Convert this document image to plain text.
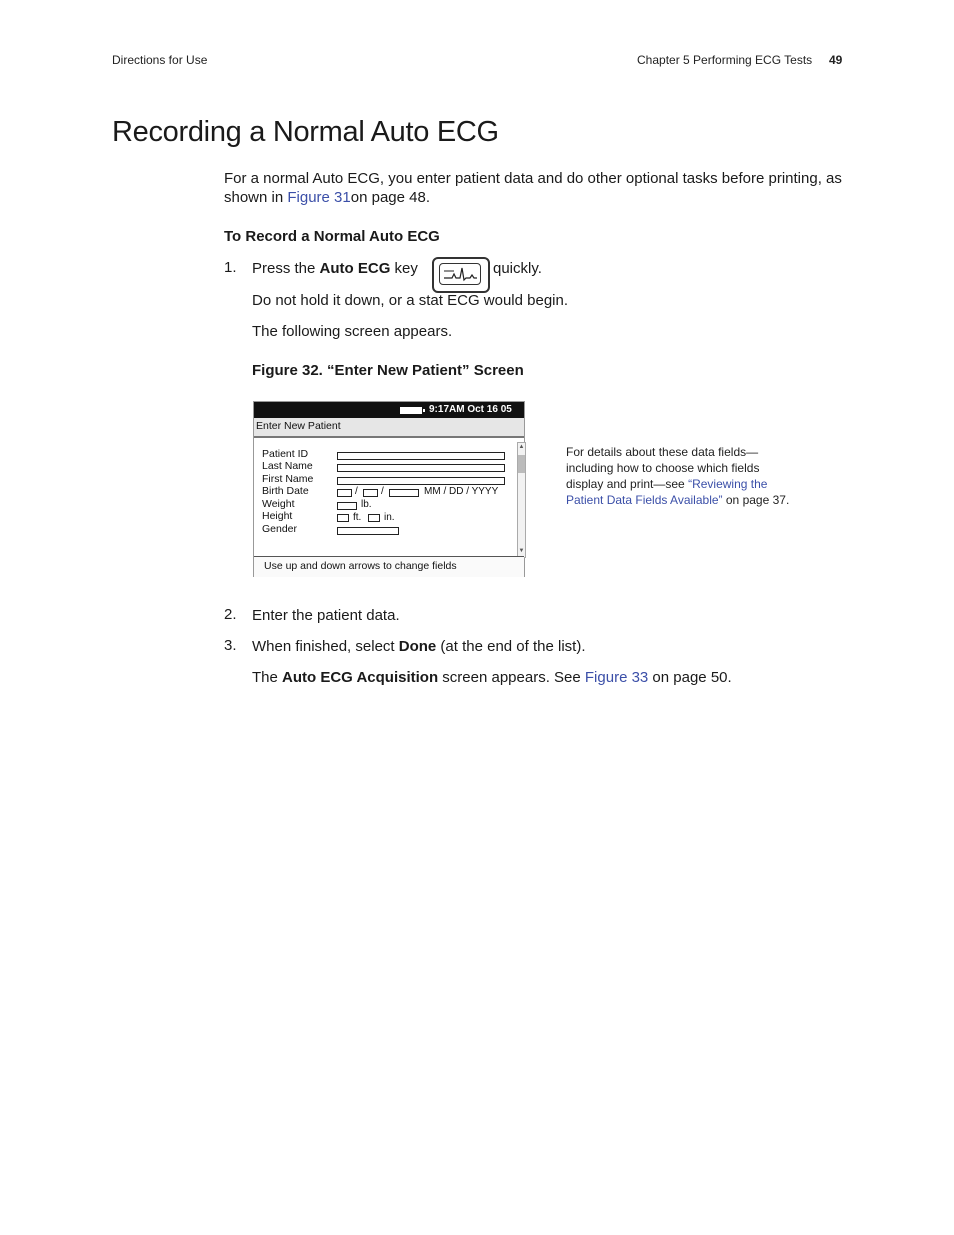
Directions for Use	Chapter 5 Performing ECG Tests 49
Recording a Normal Auto ECG
For a normal Auto ECG, you enter patient data and do other optional tasks before printing, as shown in Figure 31on page 48.
To Record a Normal Auto ECG
1. Press the Auto ECG key	quickly.
Do not hold it down, or a stat ECG would begin.
The following screen appears.
Figure 32. “Enter New Patient” Screen
9:17AM Oct 16 05
Enter New Patient
Patient ID
Last Name
First Name
Birth Date	/ /	MM / DD / YYYY
Weight	lb.
Height	ft. in.
Gender
▲
▼
Use up and down arrows to change fields
For details about these data fields—including how to choose which fields display and print—see “Reviewing the Patient Data Fields Available” on page 37.
2. Enter the patient data.
3. When finished, select Done (at the end of the list).
The Auto ECG Acquisition screen appears. See Figure 33 on page 50.
